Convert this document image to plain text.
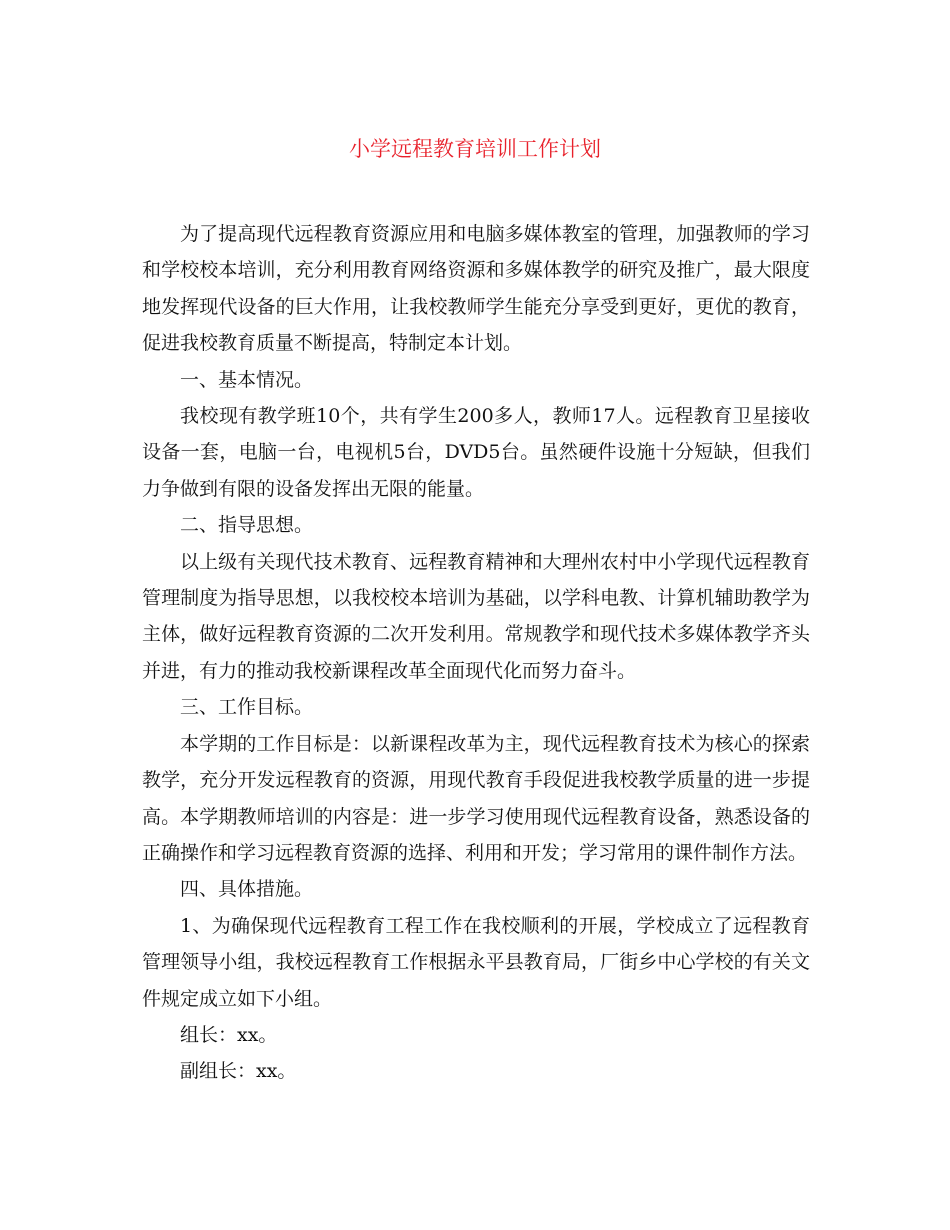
小学远程教育培训工作计划

为了提高现代远程教育资源应用和电脑多媒体教室的管理，加强教师的学习和学校校本培训，充分利用教育网络资源和多媒体教学的研究及推广，最大限度地发挥现代设备的巨大作用，让我校教师学生能充分享受到更好，更优的教育，促进我校教育质量不断提高，特制定本计划。

一、基本情况。

我校现有教学班10个，共有学生200多人，教师17人。远程教育卫星接收设备一套，电脑一台，电视机5台，DVD5台。虽然硬件设施十分短缺，但我们力争做到有限的设备发挥出无限的能量。

二、指导思想。

以上级有关现代技术教育、远程教育精神和大理州农村中小学现代远程教育管理制度为指导思想，以我校校本培训为基础，以学科电教、计算机辅助教学为主体，做好远程教育资源的二次开发利用。常规教学和现代技术多媒体教学齐头并进，有力的推动我校新课程改革全面现代化而努力奋斗。

三、工作目标。

本学期的工作目标是：以新课程改革为主，现代远程教育技术为核心的探索教学，充分开发远程教育的资源，用现代教育手段促进我校教学质量的进一步提高。本学期教师培训的内容是：进一步学习使用现代远程教育设备，熟悉设备的正确操作和学习远程教育资源的选择、利用和开发；学习常用的课件制作方法。

四、具体措施。

1、为确保现代远程教育工程工作在我校顺利的开展，学校成立了远程教育管理领导小组，我校远程教育工作根据永平县教育局，厂街乡中心学校的有关文件规定成立如下小组。

组长：xx。

副组长：xx。
